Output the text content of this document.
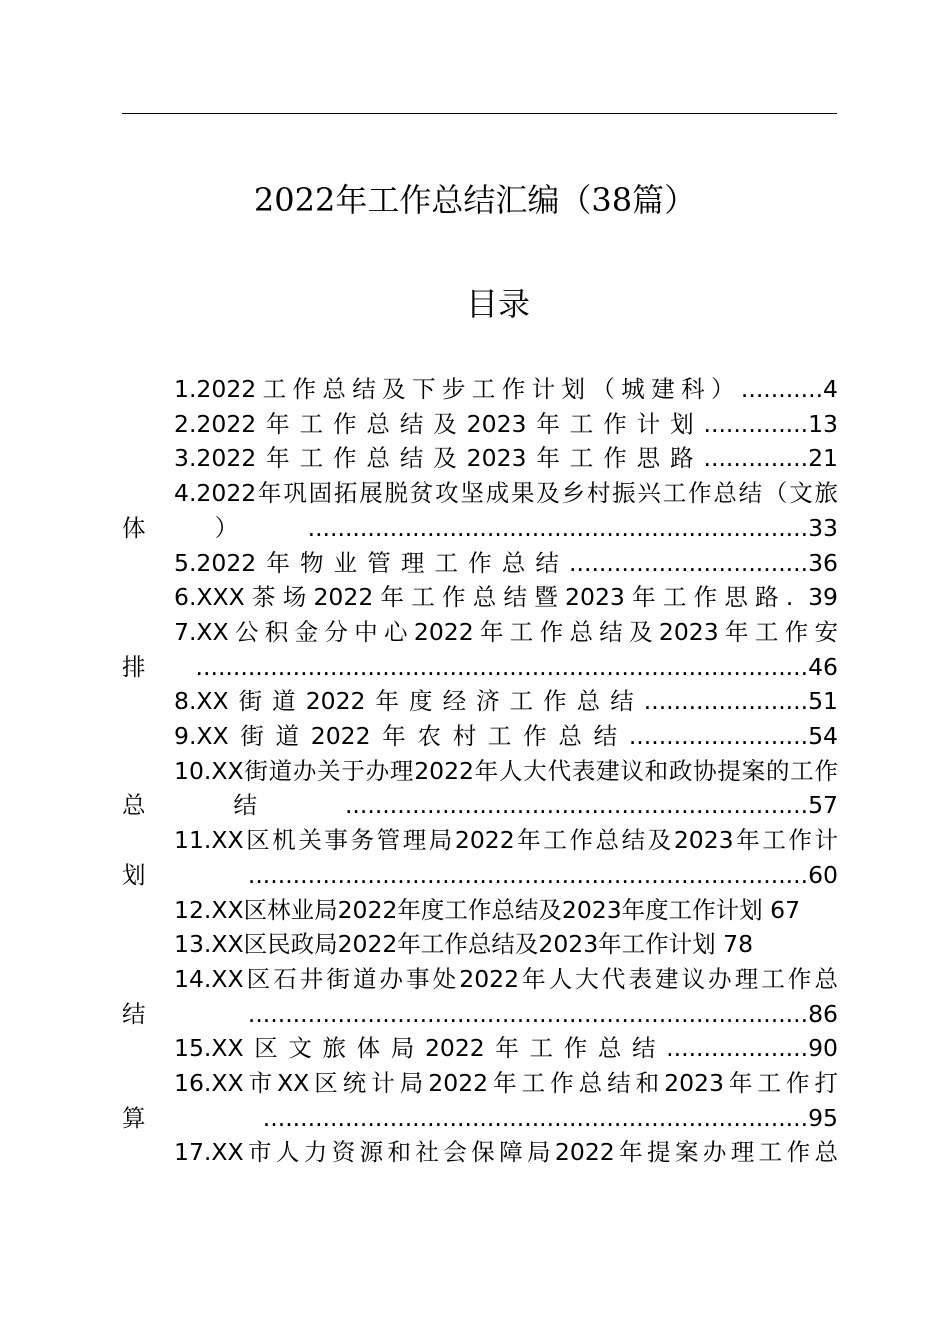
2022年工作总结汇编（38篇）
目录
1.2022工作总结及下步工作计划（城建科）...........4
2.2022年工作总结及2023年工作计划..............13
3.2022年工作总结及2023年工作思路..............21
4.2022年巩固拓展脱贫攻坚成果及乡村振兴工作总结（文旅体）...................................................................33
5.2022年物业管理工作总结................................36
6.XXX茶场2022年工作总结暨2023年工作思路. 39
7.XX公积金分中心2022年工作总结及2023年工作安排..................................................................................46
8.XX街道2022年度经济工作总结......................51
9.XX街道2022年农村工作总结........................54
10.XX街道办关于办理2022年人大代表建议和政协提案的工作总结..............................................................57
11.XX区机关事务管理局2022年工作总结及2023年工作计划...........................................................................60
12.XX区林业局2022年度工作总结及2023年度工作计划 67
13.XX区民政局2022年工作总结及2023年工作计划 78
14.XX区石井街道办事处2022年人大代表建议办理工作总结...........................................................................86
15.XX区文旅体局2022年工作总结...................90
16.XX市XX区统计局2022年工作总结和2023年工作打算.........................................................................95
17.XX市人力资源和社会保障局2022年提案办理工作总
